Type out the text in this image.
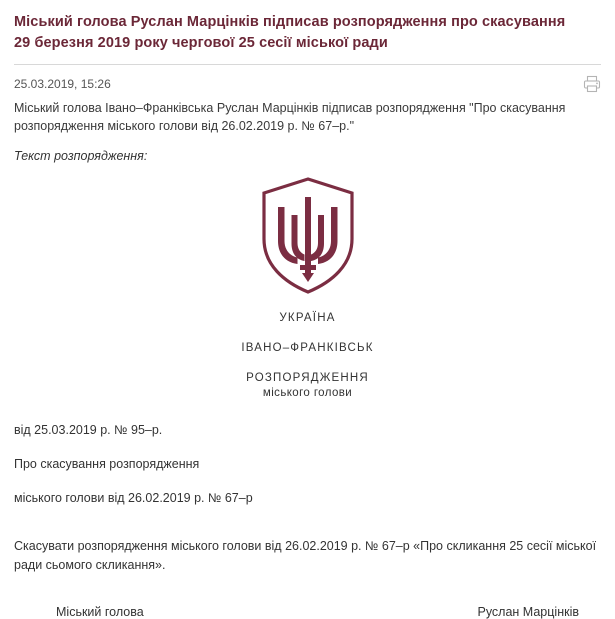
Міський голова Руслан Марцінків підписав розпорядження про скасування 29 березня 2019 року чергової 25 сесії міської ради
25.03.2019, 15:26

Міський голова Івано–Франківська Руслан Марцінків підписав розпорядження "Про скасування розпорядження міського голови від 26.02.2019 р. № 67–р."

Текст розпорядження:

УКРАЇНА
ІВАНО–ФРАНКІВСЬК
РОЗПОРЯДЖЕННЯ
міського голови
від 25.03.2019 р. № 95–р.
Про скасування розпорядження
міського голови від 26.02.2019 р. № 67–р
Скасувати розпорядження міського голови від 26.02.2019 р. № 67–р «Про скликання 25 сесії міської ради сьомого скликання».
Міський голова	Руслан Марцінків
